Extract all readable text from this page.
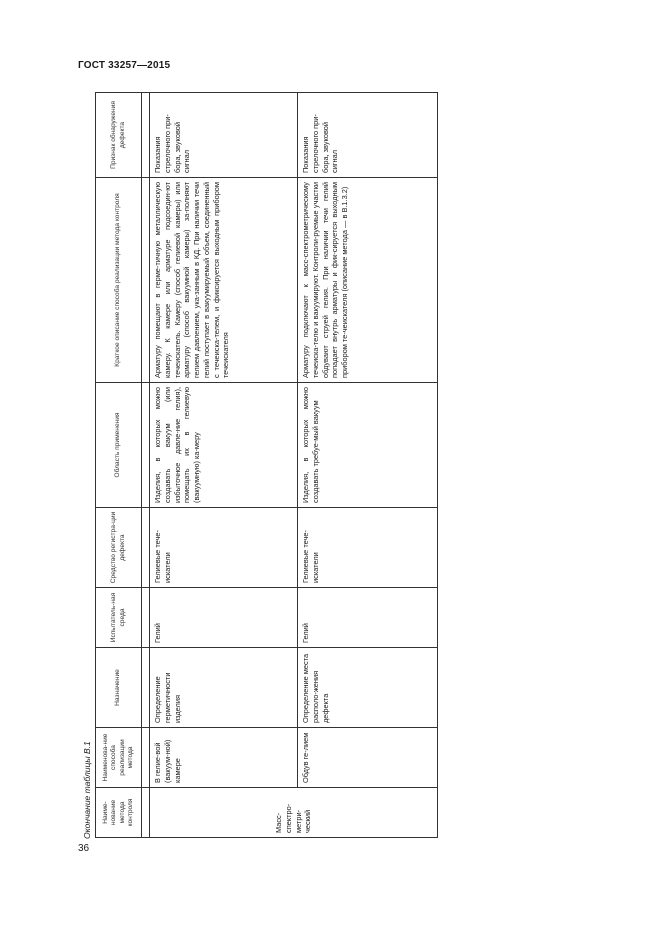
ГОСТ 33257—2015
Окончание таблицы В.1	Наиме-нование метода контроля	Наименова-ние способа реализации метода	Назначение	Испытатель-ная среда	Средство регистра-ции дефекта	Область применения	Краткое описание способа реализации метода контроля	Признак обнаружения дефекта

Масс-спектро-метри-ческий	В гелие-вой (вакуум-ной) камере	Определение герметичности изделия	Гелий	Гелиевые тече-искатели	Изделия, в которых можно создавать вакуум (или избыточное давле-ние гелия), помещать их в гелиевую (вакуумную) ка-меру	Арматуру помещают в герме-тичную металлическую камеру. К камере или арматуре подсоедин-ют течеискатель. Камеру (способ гелиевой камеры) или арматуру (способ вакуумной камеры) за-полняют гелием давлением, ука-занным в КД. При наличии течи гелий поступает в вакуумируемый объем, соединенный с течеиска-телем, и фиксируется выходным прибором течеискателя	Показания стрелочного при-бора, звуковой сигнал
	Обдув ге-лием	Определение места располо-жения дефекта	Гелий	Гелиевые тече-искатели	Изделия, в которых можно создавать требуе-мый вакуум	Арматуру подключают к масс-спектрометрическому течеиска-телю и вакуумируют. Контроли-руемые участки обдувают струей гелия. При наличии течи гелий попадает внутрь арматуры и фик-сируется выходным прибором те-чеискателя (описание метода — в В.1.3.2)	Показания стрелочного при-бора, звуковой сигнал
36
